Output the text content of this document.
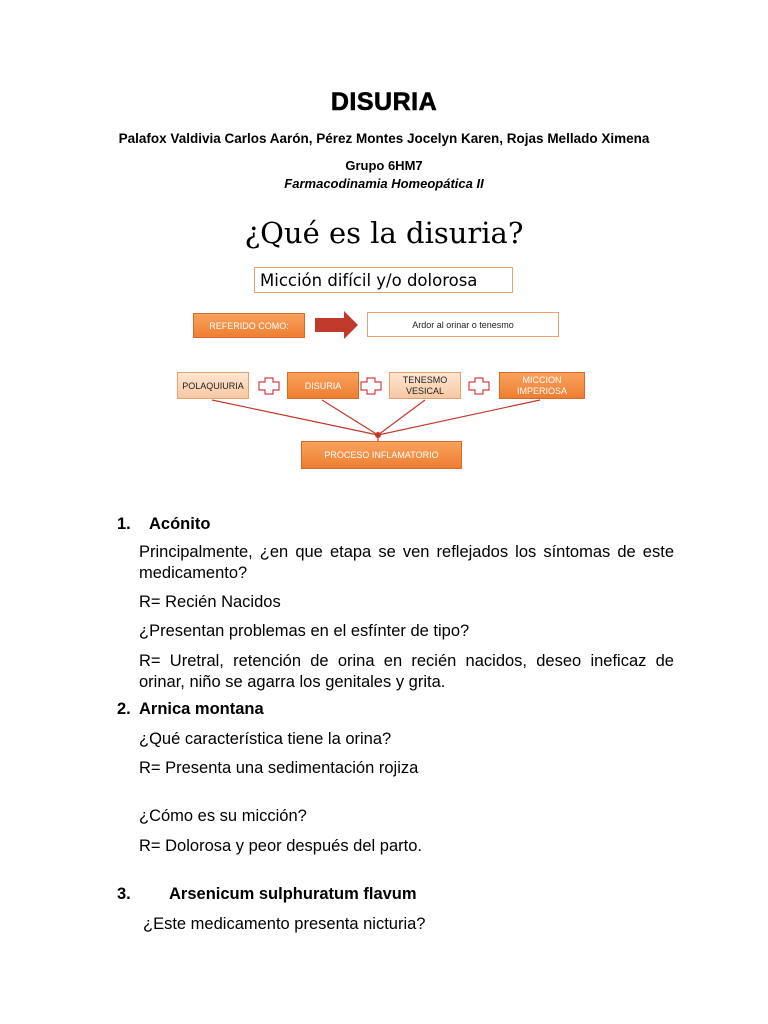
DISURIA
Palafox Valdivia Carlos Aarón, Pérez Montes Jocelyn Karen, Rojas Mellado Ximena
Grupo 6HM7
Farmacodinamia Homeopática II
¿Qué es la disuria?
Micción difícil y/o dolorosa
REFERIDO COMO:	Ardor al orinar o tenesmo
POLAQUIURIA	DISURIA
TENESMO VESICAL
MICCION IMPERIOSA
PROCESO INFLAMATORIO
1. Acónito
Principalmente, ¿en que etapa se ven reflejados los síntomas de este medicamento?
R= Recién Nacidos
¿Presentan problemas en el esfínter de tipo?
R= Uretral, retención de orina en recién nacidos, deseo ineficaz de orinar, niño se agarra los genitales y grita.
2. Arnica montana
¿Qué característica tiene la orina?
R= Presenta una sedimentación rojiza
¿Cómo es su micción?
R= Dolorosa y peor después del parto.
3. Arsenicum sulphuratum flavum
¿Este medicamento presenta nicturia?
